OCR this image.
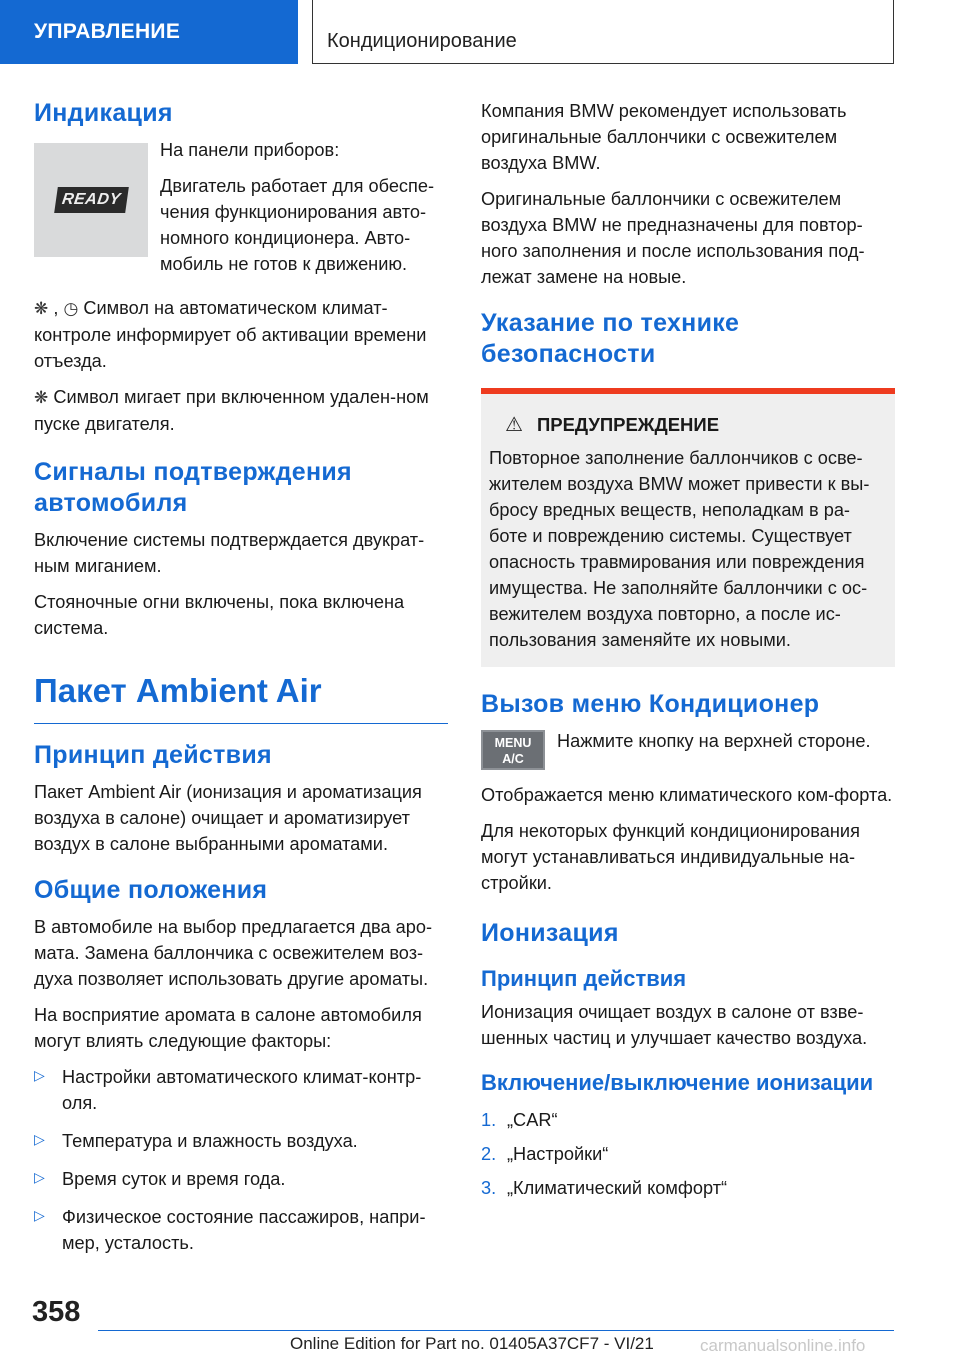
УПРАВЛЕНИЕ	Кондиционирование
Индикация
READY

На панели приборов:

Двигатель работает для обеспе-чения функционирования авто-номного кондиционера. Авто-мобиль не готов к движению.

❋ , ◷ Символ на автоматическом климат-контроле информирует об активации времени отъезда.

❋ Символ мигает при включенном удален-ном пуске двигателя.

Сигналы подтверждения автомобиля

Включение системы подтверждается двукрат-ным миганием.

Стояночные огни включены, пока включена система.

Пакет Ambient Air
Принцип действия

Пакет Ambient Air (ионизация и ароматизация воздуха в салоне) очищает и ароматизирует воздух в салоне выбранными ароматами.

Общие положения

В автомобиле на выбор предлагается два аро-мата. Замена баллончика с освежителем воз-духа позволяет использовать другие ароматы.

На восприятие аромата в салоне автомобиля могут влиять следующие факторы:

▷ Настройки автоматического климат-контр-оля.
▷ Температура и влажность воздуха.
▷ Время суток и время года.
▷ Физическое состояние пассажиров, напри-мер, усталость.

Компания BMW рекомендует использовать оригинальные баллончики с освежителем воздуха BMW.

Оригинальные баллончики с освежителем воздуха BMW не предназначены для повтор-ного заполнения и после использования под-лежат замене на новые.

Указание по технике безопасности
⚠ ПРЕДУПРЕЖДЕНИЕ

Повторное заполнение баллончиков с осве-жителем воздуха BMW может привести к вы-бросу вредных веществ, неполадкам в ра-боте и повреждению системы. Существует опасность травмирования или повреждения имущества. Не заполняйте баллончики с ос-вежителем воздуха повторно, а после ис-пользования заменяйте их новыми.

Вызов меню Кондиционер
MENU
A/C

Нажмите кнопку на верхней стороне.

Отображается меню климатического ком-форта.

Для некоторых функций кондиционирования могут устанавливаться индивидуальные на-стройки.

Ионизация
Принцип действия

Ионизация очищает воздух в салоне от взве-шенных частиц и улучшает качество воздуха.

Включение/выключение ионизации
1. „CAR“
2. „Настройки“
3. „Климатический комфорт“
358
Online Edition for Part no. 01405A37CF7 - VI/21	carmanualsonline.info
